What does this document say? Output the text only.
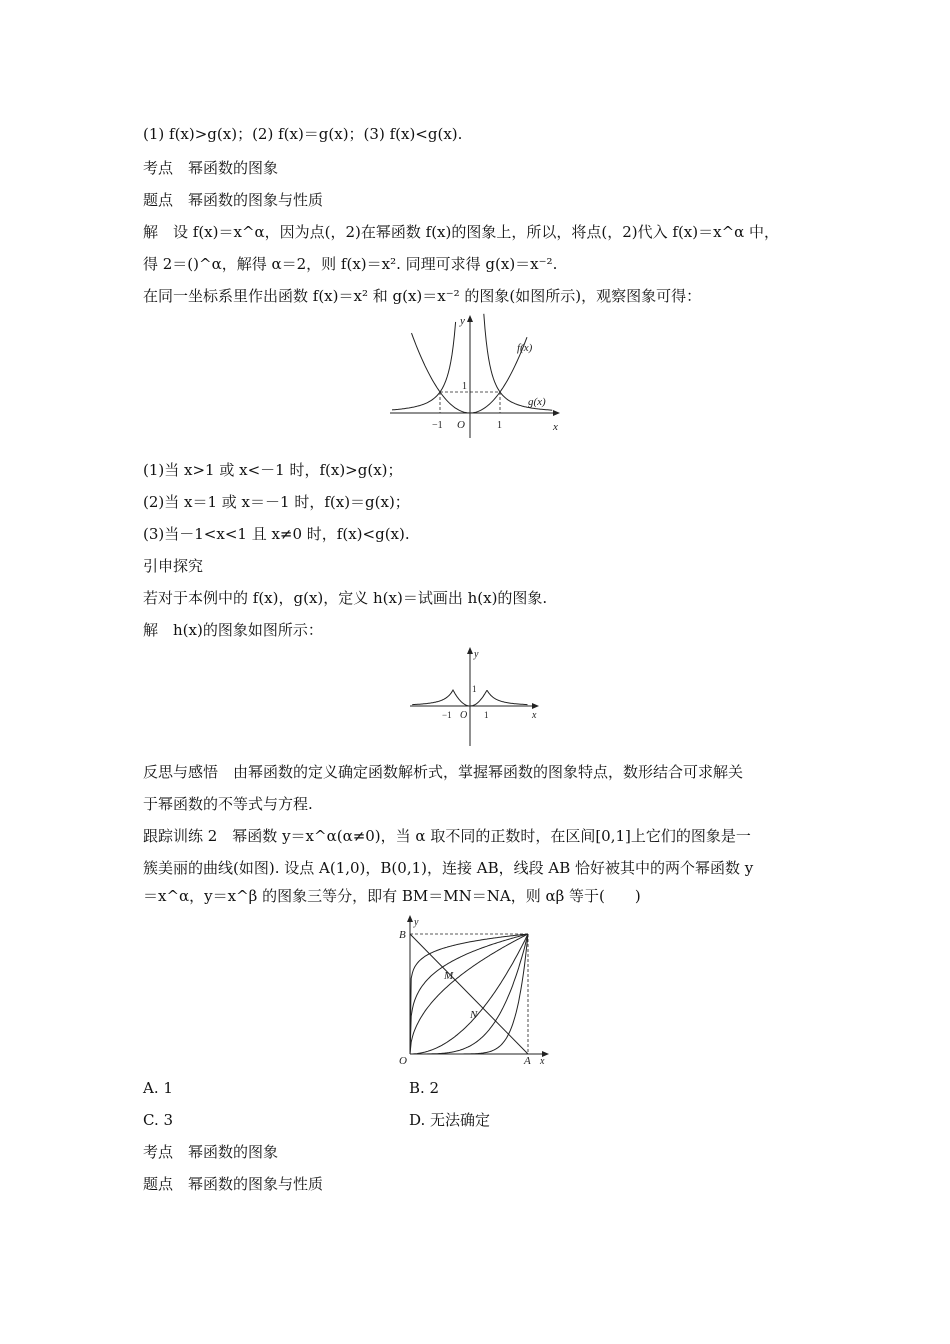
(1) f(x)>g(x)；(2) f(x)＝g(x)；(3) f(x)<g(x).
考点　幂函数的图象
题点　幂函数的图象与性质
解　设 f(x)＝x^α，因为点(，2)在幂函数 f(x)的图象上，所以，将点(，2)代入 f(x)＝x^α 中，
得 2＝()^α，解得 α＝2，则 f(x)＝x². 同理可求得 g(x)＝x⁻².
在同一坐标系里作出函数 f(x)＝x² 和 g(x)＝x⁻² 的图象(如图所示)，观察图象可得：
y
x
f(x)
g(x)
1
−1 O	1
(1)当 x>1 或 x<－1 时，f(x)>g(x)；
(2)当 x＝1 或 x＝－1 时，f(x)＝g(x)；
(3)当－1<x<1 且 x≠0 时，f(x)<g(x).
引申探究
若对于本例中的 f(x)，g(x)，定义 h(x)＝试画出 h(x)的图象.
解　h(x)的图象如图所示：
y
x
1
−1 O 1
反思与感悟　由幂函数的定义确定函数解析式，掌握幂函数的图象特点，数形结合可求解关
于幂函数的不等式与方程.
跟踪训练 2　幂函数 y＝x^α(α≠0)，当 α 取不同的正数时，在区间[0,1]上它们的图象是一
簇美丽的曲线(如图). 设点 A(1,0)，B(0,1)，连接 AB，线段 AB 恰好被其中的两个幂函数 y
＝x^α，y＝x^β 的图象三等分，即有 BM＝MN＝NA，则 αβ 等于(　　)
y
x
B
M
N
O	A
A. 1	B. 2
C. 3	D. 无法确定
考点　幂函数的图象
题点　幂函数的图象与性质
